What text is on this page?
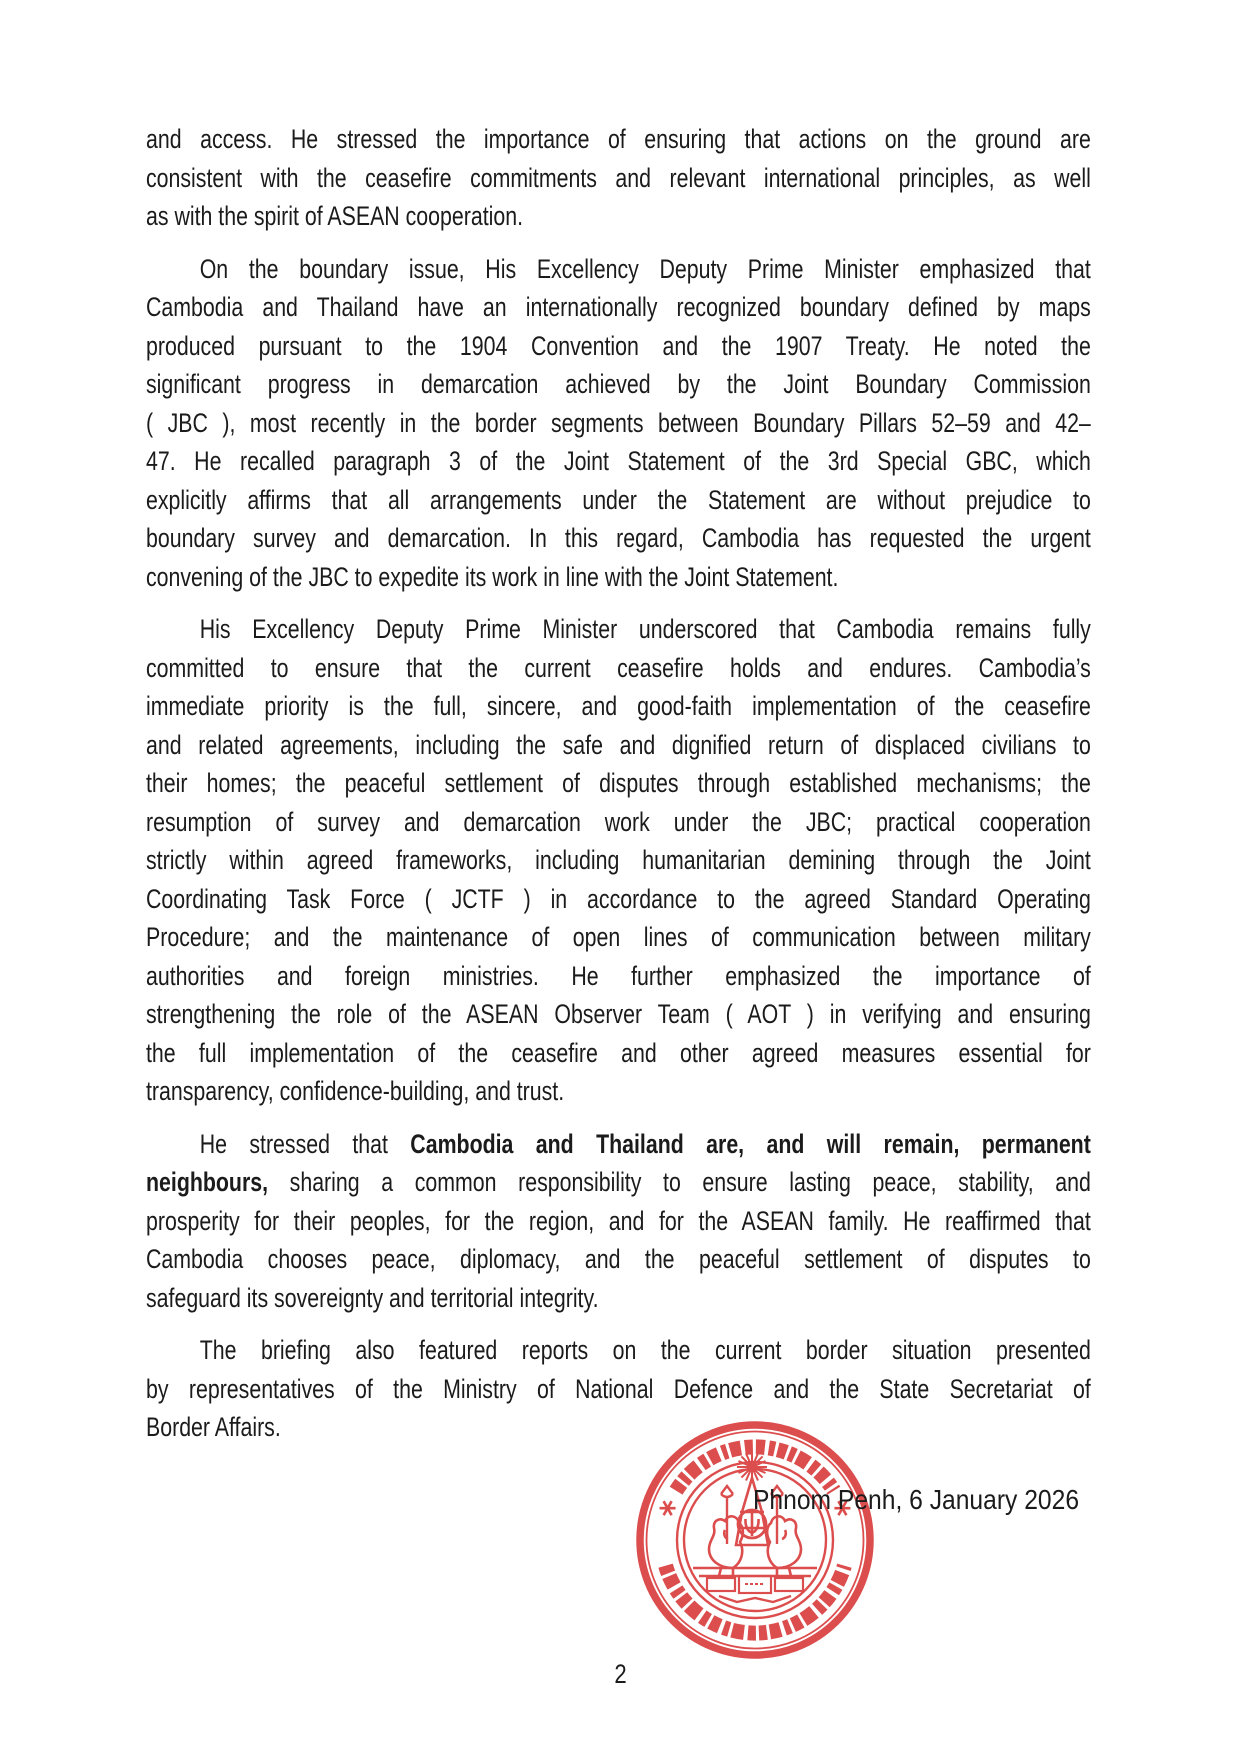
and access. He stressed the importance of ensuring that actions on the ground are
consistent with the ceasefire commitments and relevant international principles, as well
as with the spirit of ASEAN cooperation.
On the boundary issue, His Excellency Deputy Prime Minister emphasized that
Cambodia and Thailand have an internationally recognized boundary defined by maps
produced pursuant to the 1904 Convention and the 1907 Treaty. He noted the
significant progress in demarcation achieved by the Joint Boundary Commission
( JBC ), most recently in the border segments between Boundary Pillars 52–59 and 42–
47. He recalled paragraph 3 of the Joint Statement of the 3rd Special GBC, which
explicitly affirms that all arrangements under the Statement are without prejudice to
boundary survey and demarcation. In this regard, Cambodia has requested the urgent
convening of the JBC to expedite its work in line with the Joint Statement.
His Excellency Deputy Prime Minister underscored that Cambodia remains fully
committed to ensure that the current ceasefire holds and endures. Cambodia’s
immediate priority is the full, sincere, and good-faith implementation of the ceasefire
and related agreements, including the safe and dignified return of displaced civilians to
their homes; the peaceful settlement of disputes through established mechanisms; the
resumption of survey and demarcation work under the JBC; practical cooperation
strictly within agreed frameworks, including humanitarian demining through the Joint
Coordinating Task Force ( JCTF ) in accordance to the agreed Standard Operating
Procedure; and the maintenance of open lines of communication between military
authorities and foreign ministries. He further emphasized the importance of
strengthening the role of the ASEAN Observer Team ( AOT ) in verifying and ensuring
the full implementation of the ceasefire and other agreed measures essential for
transparency, confidence-building, and trust.
He stressed that Cambodia and Thailand are, and will remain, permanent
neighbours, sharing a common responsibility to ensure lasting peace, stability, and
prosperity for their peoples, for the region, and for the ASEAN family. He reaffirmed that
Cambodia chooses peace, diplomacy, and the peaceful settlement of disputes to
safeguard its sovereignty and territorial integrity.
The briefing also featured reports on the current border situation presented
by representatives of the Ministry of National Defence and the State Secretariat of
Border Affairs.
Phnom Penh, 6 January 2026
2
